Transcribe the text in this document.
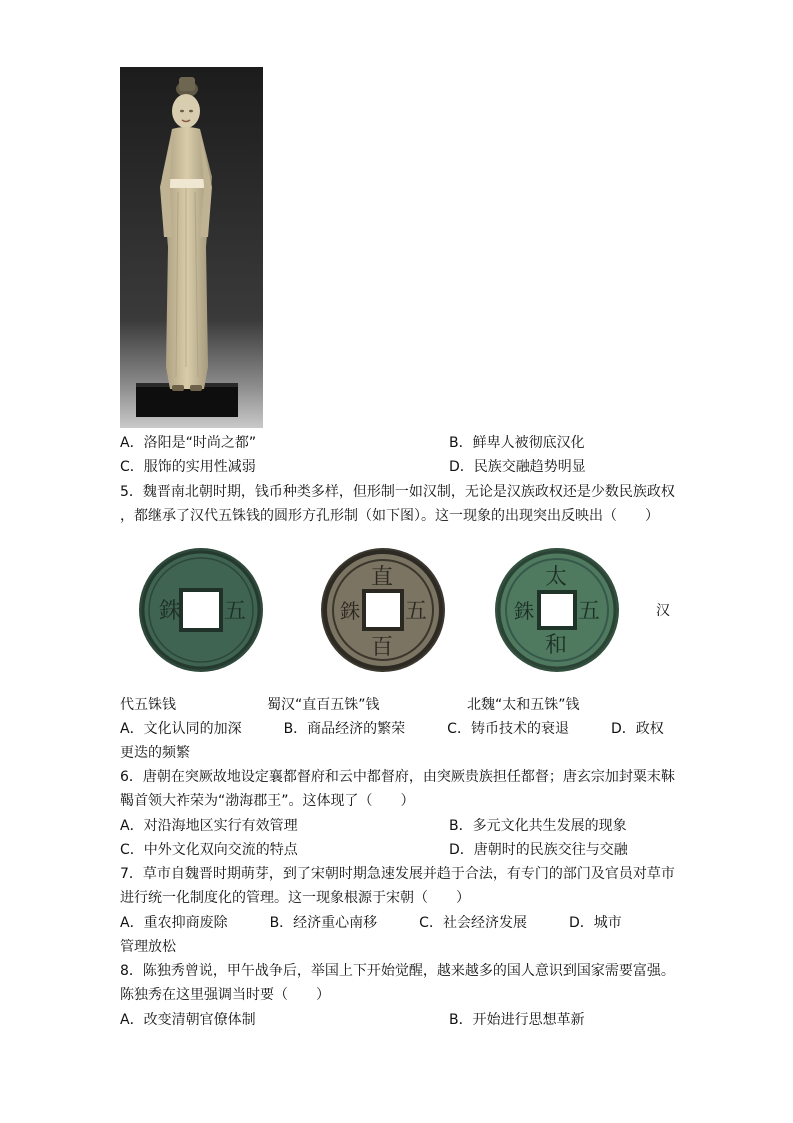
A．洛阳是“时尚之都”	B．鲜卑人被彻底汉化
C．服饰的实用性减弱	D．民族交融趋势明显
5．魏晋南北朝时期，钱币种类多样，但形制一如汉制，无论是汉族政权还是少数民族政权
，都继承了汉代五铢钱的圆形方孔形制（如下图）。这一现象的出现突出反映出（　　）
銖 五
直
百
銖 五
太
和
銖 五	汉
代五铢钱	蜀汉“直百五铢”钱	北魏“太和五铢”钱
A．文化认同的加深　　　B．商品经济的繁荣　　　C．铸币技术的衰退　　　D．政权
更迭的频繁
6．唐朝在突厥故地设定襄都督府和云中都督府，由突厥贵族担任都督；唐玄宗加封粟末靺
鞨首领大祚荣为“渤海郡王”。这体现了（　　）
A．对沿海地区实行有效管理	B．多元文化共生发展的现象
C．中外文化双向交流的特点	D．唐朝时的民族交往与交融
7．草市自魏晋时期萌芽，到了宋朝时期急速发展并趋于合法，有专门的部门及官员对草市
进行统一化制度化的管理。这一现象根源于宋朝（　　）
A．重农抑商废除　　　B．经济重心南移　　　C．社会经济发展　　　D．城市
管理放松
8．陈独秀曾说，甲午战争后，举国上下开始觉醒，越来越多的国人意识到国家需要富强。
陈独秀在这里强调当时要（　　）
A．改变清朝官僚体制	B．开始进行思想革新
